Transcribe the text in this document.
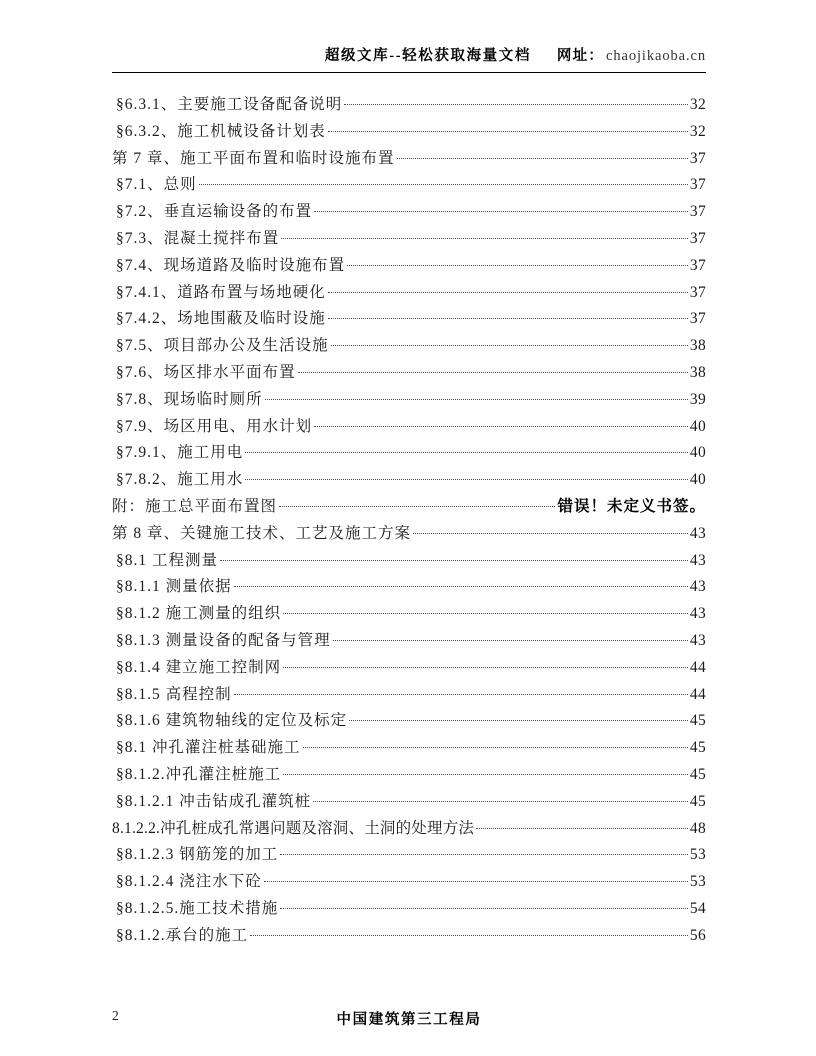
超级文库--轻松获取海量文档 网址： chaojikaoba.cn
§6.3.1、主要施工设备配备说明	32
§6.3.2、施工机械设备计划表	32
第 7 章、施工平面布置和临时设施布置	37
§7.1、总则	37
§7.2、垂直运输设备的布置	37
§7.3、混凝土搅拌布置	37
§7.4、现场道路及临时设施布置	37
§7.4.1、道路布置与场地硬化	37
§7.4.2、场地围蔽及临时设施	37
§7.5、项目部办公及生活设施	38
§7.6、场区排水平面布置	38
§7.8、现场临时厕所	39
§7.9、场区用电、用水计划	40
§7.9.1、施工用电	40
§7.8.2、施工用水	40
附：施工总平面布置图	错误！未定义书签。
第 8 章、关键施工技术、工艺及施工方案	43
§8.1 工程测量	43
§8.1.1 测量依据	43
§8.1.2 施工测量的组织	43
§8.1.3 测量设备的配备与管理	43
§8.1.4 建立施工控制网	44
§8.1.5 高程控制	44
§8.1.6 建筑物轴线的定位及标定	45
§8.1 冲孔灌注桩基础施工	45
§8.1.2.冲孔灌注桩施工	45
§8.1.2.1 冲击钻成孔灌筑桩	45
8.1.2.2.冲孔桩成孔常遇问题及溶洞、土洞的处理方法	48
§8.1.2.3 钢筋笼的加工	53
§8.1.2.4 浇注水下砼	53
§8.1.2.5.施工技术措施	54
§8.1.2.承台的施工	56
2	中国建筑第三工程局
